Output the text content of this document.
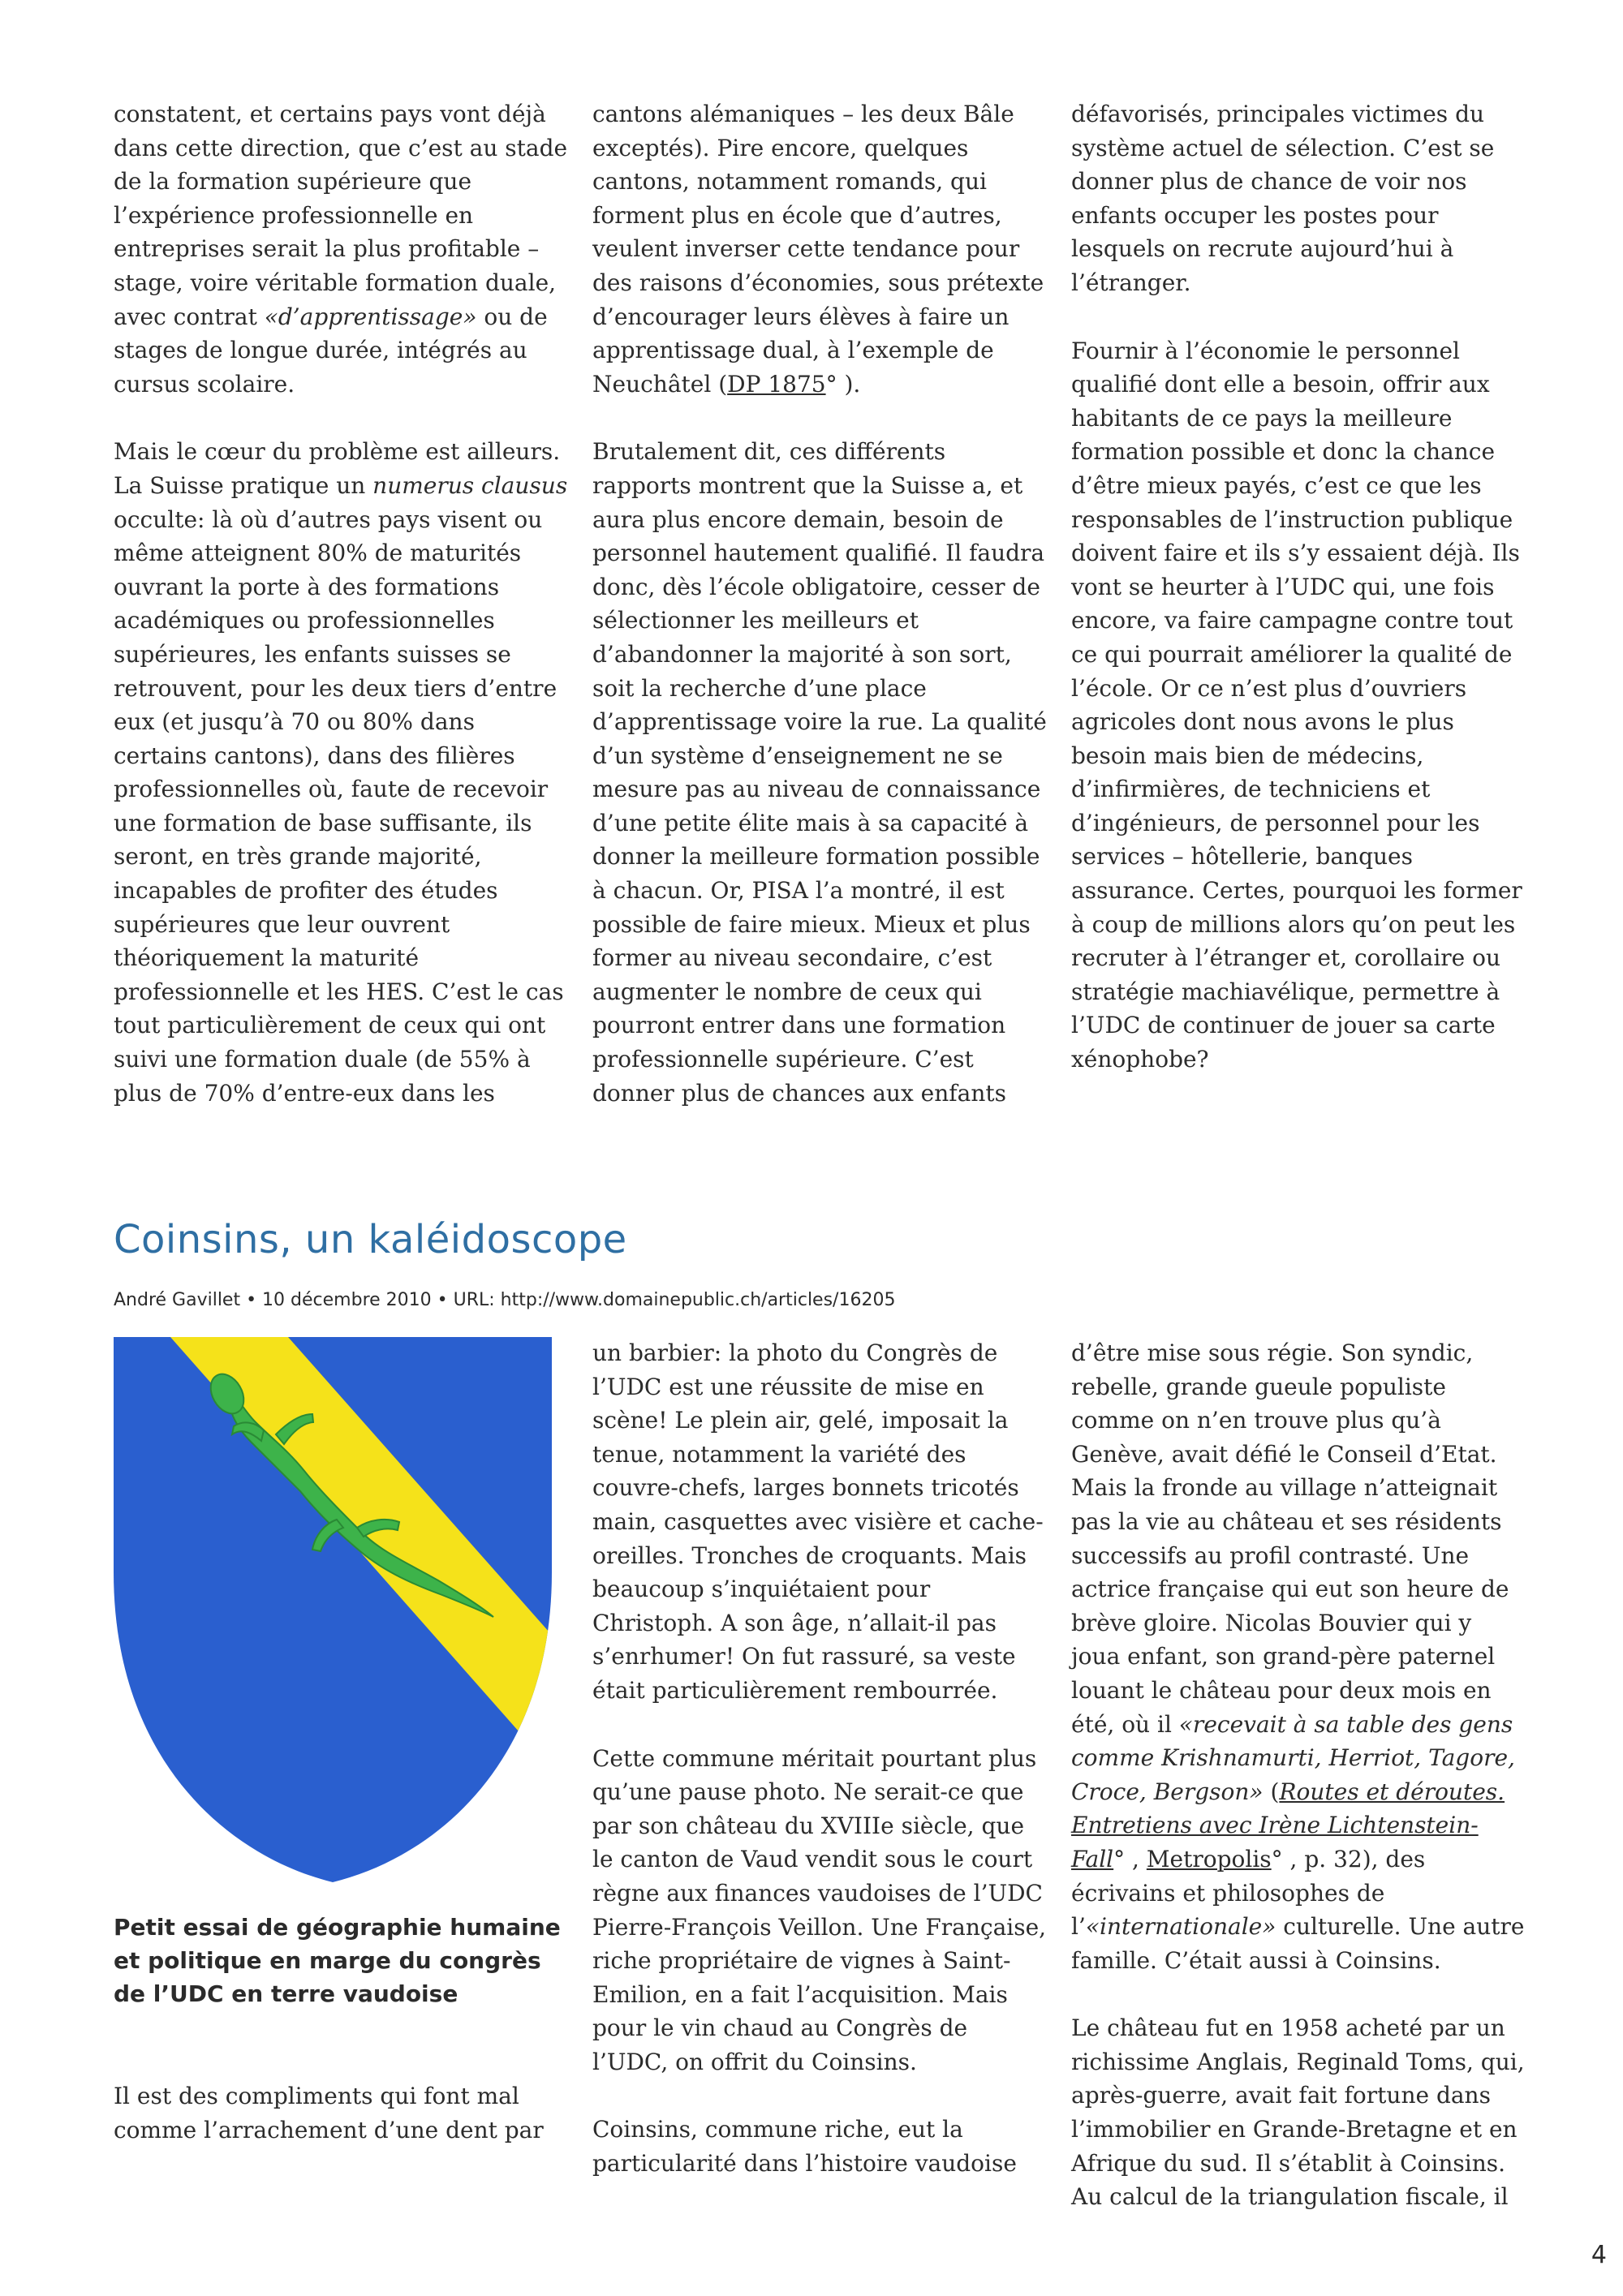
constatent, et certains pays vont déjà dans cette direction, que c’est au stade de la formation supérieure que l’expérience professionnelle en entreprises serait la plus profitable – stage, voire véritable formation duale, avec contrat «d’apprentissage» ou de stages de longue durée, intégrés au cursus scolaire.

Mais le cœur du problème est ailleurs. La Suisse pratique un numerus clausus occulte: là où d’autres pays visent ou même atteignent 80% de maturités ouvrant la porte à des formations académiques ou professionnelles supérieures, les enfants suisses se retrouvent, pour les deux tiers d’entre eux (et jusqu’à 70 ou 80% dans certains cantons), dans des filières professionnelles où, faute de recevoir une formation de base suffisante, ils seront, en très grande majorité, incapables de profiter des études supérieures que leur ouvrent théoriquement la maturité professionnelle et les HES. C’est le cas tout particulièrement de ceux qui ont suivi une formation duale (de 55% à plus de 70% d’entre-eux dans les

cantons alémaniques – les deux Bâle exceptés). Pire encore, quelques cantons, notamment romands, qui forment plus en école que d’autres, veulent inverser cette tendance pour des raisons d’économies, sous prétexte d’encourager leurs élèves à faire un apprentissage dual, à l’exemple de Neuchâtel (DP 1875° ).

Brutalement dit, ces différents rapports montrent que la Suisse a, et aura plus encore demain, besoin de personnel hautement qualifié. Il faudra donc, dès l’école obligatoire, cesser de sélectionner les meilleurs et d’abandonner la majorité à son sort, soit la recherche d’une place d’apprentissage voire la rue. La qualité d’un système d’enseignement ne se mesure pas au niveau de connaissance d’une petite élite mais à sa capacité à donner la meilleure formation possible à chacun. Or, PISA l’a montré, il est possible de faire mieux. Mieux et plus former au niveau secondaire, c’est augmenter le nombre de ceux qui pourront entrer dans une formation professionnelle supérieure. C’est donner plus de chances aux enfants

défavorisés, principales victimes du système actuel de sélection. C’est se donner plus de chance de voir nos enfants occuper les postes pour lesquels on recrute aujourd’hui à l’étranger.

Fournir à l’économie le personnel qualifié dont elle a besoin, offrir aux habitants de ce pays la meilleure formation possible et donc la chance d’être mieux payés, c’est ce que les responsables de l’instruction publique doivent faire et ils s’y essaient déjà. Ils vont se heurter à l’UDC qui, une fois encore, va faire campagne contre tout ce qui pourrait améliorer la qualité de l’école. Or ce n’est plus d’ouvriers agricoles dont nous avons le plus besoin mais bien de médecins, d’infirmières, de techniciens et d’ingénieurs, de personnel pour les services – hôtellerie, banques assurance. Certes, pourquoi les former à coup de millions alors qu’on peut les recruter à l’étranger et, corollaire ou stratégie machiavélique, permettre à l’UDC de continuer de jouer sa carte xénophobe?

Coinsins, un kaléidoscope
André Gavillet • 10 décembre 2010 • URL: http://www.domainepublic.ch/articles/16205

Petit essai de géographie humaine et politique en marge du congrès de l’UDC en terre vaudoise

Il est des compliments qui font mal comme l’arrachement d’une dent par

un barbier: la photo du Congrès de l’UDC est une réussite de mise en scène! Le plein air, gelé, imposait la tenue, notamment la variété des couvre-chefs, larges bonnets tricotés main, casquettes avec visière et cache-oreilles. Tronches de croquants. Mais beaucoup s’inquiétaient pour Christoph. A son âge, n’allait-il pas s’enrhumer! On fut rassuré, sa veste était particulièrement rembourrée.

Cette commune méritait pourtant plus qu’une pause photo. Ne serait-ce que par son château du XVIIIe siècle, que le canton de Vaud vendit sous le court règne aux finances vaudoises de l’UDC Pierre-François Veillon. Une Française, riche propriétaire de vignes à Saint-Emilion, en a fait l’acquisition. Mais pour le vin chaud au Congrès de l’UDC, on offrit du Coinsins.

Coinsins, commune riche, eut la particularité dans l’histoire vaudoise

d’être mise sous régie. Son syndic, rebelle, grande gueule populiste comme on n’en trouve plus qu’à Genève, avait défié le Conseil d’Etat. Mais la fronde au village n’atteignait pas la vie au château et ses résidents successifs au profil contrasté. Une actrice française qui eut son heure de brève gloire. Nicolas Bouvier qui y joua enfant, son grand-père paternel louant le château pour deux mois en été, où il «recevait à sa table des gens comme Krishnamurti, Herriot, Tagore, Croce, Bergson» (Routes et déroutes. Entretiens avec Irène Lichtenstein-Fall° , Metropolis° , p. 32), des écrivains et philosophes de l’«internationale» culturelle. Une autre famille. C’était aussi à Coinsins.

Le château fut en 1958 acheté par un richissime Anglais, Reginald Toms, qui, après-guerre, avait fait fortune dans l’immobilier en Grande-Bretagne et en Afrique du sud. Il s’établit à Coinsins. Au calcul de la triangulation fiscale, il

4
